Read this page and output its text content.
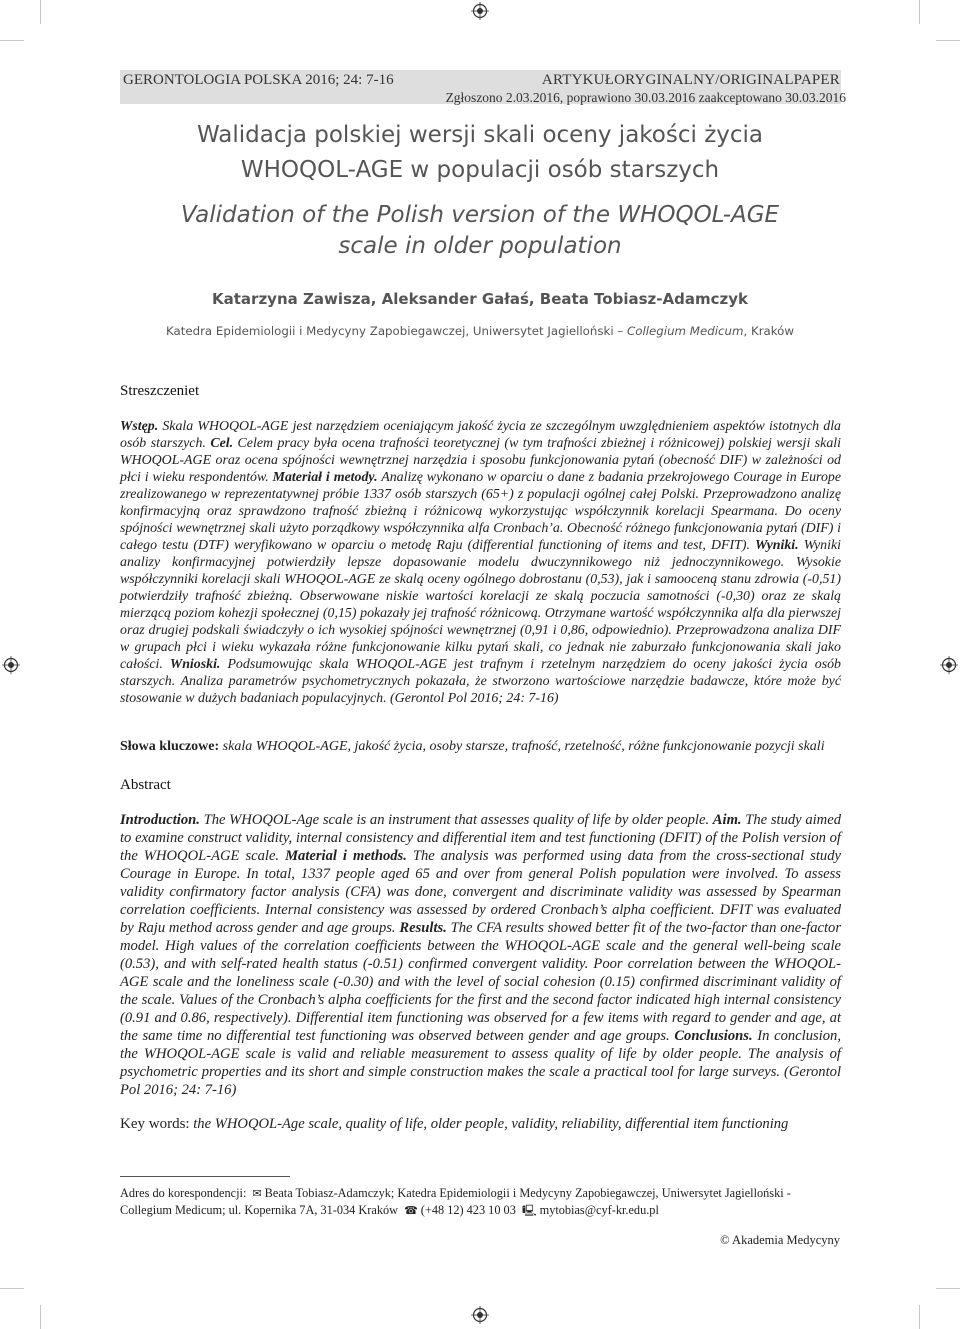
GERONTOLOGIA POLSKA 2016; 24: 7-16	ARTYKUŁORYGINALNY/ORIGINALPAPER
Zgłoszono 2.03.2016, poprawiono 30.03.2016 zaakceptowano 30.03.2016
Walidacja polskiej wersji skali oceny jakości życia
WHOQOL-AGE w populacji osób starszych
Validation of the Polish version of the WHOQOL-AGE
scale in older population
Katarzyna Zawisza, Aleksander Gałaś, Beata Tobiasz-Adamczyk
Katedra Epidemiologii i Medycyny Zapobiegawczej, Uniwersytet Jagielloński – Collegium Medicum, Kraków
Streszczeniet

Wstęp. Skala WHOQOL-AGE jest narzędziem oceniającym jakość życia ze szczególnym uwzględnieniem aspektów istotnych dla osób starszych. Cel. Celem pracy była ocena trafności teoretycznej (w tym trafności zbieżnej i różnicowej) polskiej wersji skali WHOQOL-AGE oraz ocena spójności wewnętrznej narzędzia i sposobu funkcjonowania pytań (obecność DIF) w zależności od płci i wieku respondentów. Materiał i metody. Analizę wykonano w oparciu o dane z badania przekrojowego Courage in Europe zrealizowanego w reprezentatywnej próbie 1337 osób starszych (65+) z populacji ogólnej całej Polski. Przeprowadzono analizę konfirmacyjną oraz sprawdzono trafność zbieżną i różnicową wykorzystując współczynnik korelacji Spearmana. Do oceny spójności wewnętrznej skali użyto porządkowy współczynnika alfa Cronbach’a. Obecność różnego funkcjonowania pytań (DIF) i całego testu (DTF) weryfikowano w oparciu o metodę Raju (differential functioning of items and test, DFIT). Wyniki. Wyniki analizy konfirmacyjnej potwierdziły lepsze dopasowanie modelu dwuczynnikowego niż jednoczynnikowego. Wysokie współczynniki korelacji skali WHOQOL-AGE ze skalą oceny ogólnego dobrostanu (0,53), jak i samooceną stanu zdrowia (-0,51) potwierdziły trafność zbieżną. Obserwowane niskie wartości korelacji ze skalą poczucia samotności (-0,30) oraz ze skalą mierzącą poziom kohezji społecznej (0,15) pokazały jej trafność różnicową. Otrzymane wartość współczynnika alfa dla pierwszej oraz drugiej podskali świadczyły o ich wysokiej spójności wewnętrznej (0,91 i 0,86, odpowiednio). Przeprowadzona analiza DIF w grupach płci i wieku wykazała różne funkcjonowanie kilku pytań skali, co jednak nie zaburzało funkcjonowania skali jako całości. Wnioski. Podsumowując skala WHOQOL-AGE jest trafnym i rzetelnym narzędziem do oceny jakości życia osób starszych. Analiza parametrów psychometrycznych pokazała, że stworzono wartościowe narzędzie badawcze, które może być stosowanie w dużych badaniach populacyjnych. (Gerontol Pol 2016; 24: 7-16)

Słowa kluczowe: skala WHOQOL-AGE, jakość życia, osoby starsze, trafność, rzetelność, różne funkcjonowanie pozycji skali
Abstract

Introduction. The WHOQOL-Age scale is an instrument that assesses quality of life by older people. Aim. The study aimed to examine construct validity, internal consistency and differential item and test functioning (DFIT) of the Polish version of the WHOQOL-AGE scale. Material i methods. The analysis was performed using data from the cross-sectional study Courage in Europe. In total, 1337 people aged 65 and over from general Polish population were involved. To assess validity confirmatory factor analysis (CFA) was done, convergent and discriminate validity was assessed by Spearman correlation coefficients. Internal consistency was assessed by ordered Cronbach’s alpha coefficient. DFIT was evaluated by Raju method across gender and age groups. Results. The CFA results showed better fit of the two-factor than one-factor model. High values of the correlation coefficients between the WHOQOL-AGE scale and the general well-being scale (0.53), and with self-rated health status (-0.51) confirmed convergent validity. Poor correlation between the WHOQOL-AGE scale and the loneliness scale (-0.30) and with the level of social cohesion (0.15) confirmed discriminant validity of the scale. Values of the Cronbach’s alpha coefficients for the first and the second factor indicated high internal consistency (0.91 and 0.86, respectively). Differential item functioning was observed for a few items with regard to gender and age, at the same time no differential test functioning was observed between gender and age groups. Conclusions. In conclusion, the WHOQOL-AGE scale is valid and reliable measurement to assess quality of life by older people. The analysis of psychometric properties and its short and simple construction makes the scale a practical tool for large surveys. (Gerontol Pol 2016; 24: 7-16)

Key words: the WHOQOL-Age scale, quality of life, older people, validity, reliability, differential item functioning

Adres do korespondencji: ✉ Beata Tobiasz-Adamczyk; Katedra Epidemiologii i Medycyny Zapobiegawczej, Uniwersytet Jagielloński - Collegium Medicum; ul. Kopernika 7A, 31-034 Kraków ☎ (+48 12) 423 10 03 🖳 mytobias@cyf-kr.edu.pl

© Akademia Medycyny
